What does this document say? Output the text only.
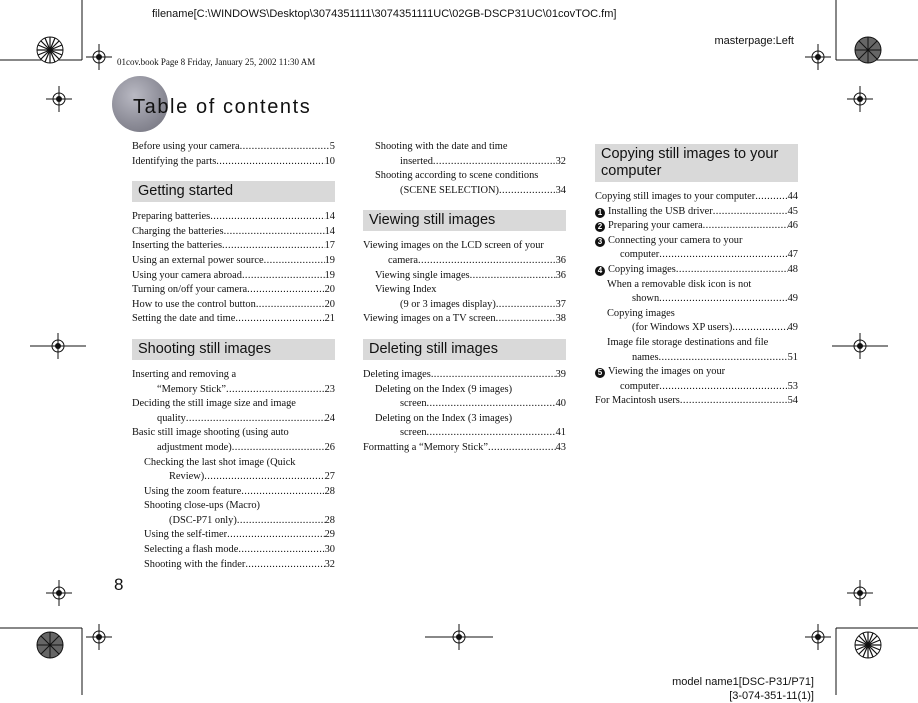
filename[C:\WINDOWS\Desktop\3074351111\3074351111UC\02GB-DSCP31UC\01covTOC.fm]
masterpage:Left
01cov.book Page 8 Friday, January 25, 2002 11:30 AM
model name1[DSC-P31/P71]
[3-074-351-11(1)]
8
Table of contents
Before using your camera .....	5
Identifying the parts .....	10
Getting started
Preparing batteries .....	14
Charging the batteries .....	14
Inserting the batteries .....	17
Using an external power source .....	19
Using your camera abroad .....	19
Turning on/off your camera .....	20
How to use the control button .....	20
Setting the date and time .....	21
Shooting still images
Inserting and removing a
“Memory Stick” .....	23
Deciding the still image size and image
quality .....	24
Basic still image shooting (using auto
adjustment mode) .....	26
Checking the last shot image (Quick
Review) .....	27
Using the zoom feature .....	28
Shooting close-ups (Macro)
(DSC-P71 only) .....	28
Using the self-timer .....	29
Selecting a flash mode .....	30
Shooting with the finder .....	32
Shooting with the date and time
inserted .....	32
Shooting according to scene conditions
(SCENE SELECTION) .....	34
Viewing still images
Viewing images on the LCD screen of your
camera .....	36
Viewing single images .....	36
Viewing Index
(9 or 3 images display) .....	37
Viewing images on a TV screen .....	38
Deleting still images
Deleting images .....	39
Deleting on the Index (9 images)
screen .....	40
Deleting on the Index (3 images)
screen .....	41
Formatting a “Memory Stick” .....	43
Copying still images to your computer
Copying still images to your computer .....	44
1 Installing the USB driver .....	45
2 Preparing your camera .....	46
3 Connecting your camera to your
computer .....	47
4 Copying images .....	48
When a removable disk icon is not
shown .....	49
Copying images
(for Windows XP users) .....	49
Image file storage destinations and file
names .....	51
5 Viewing the images on your
computer .....	53
For Macintosh users .....	54
